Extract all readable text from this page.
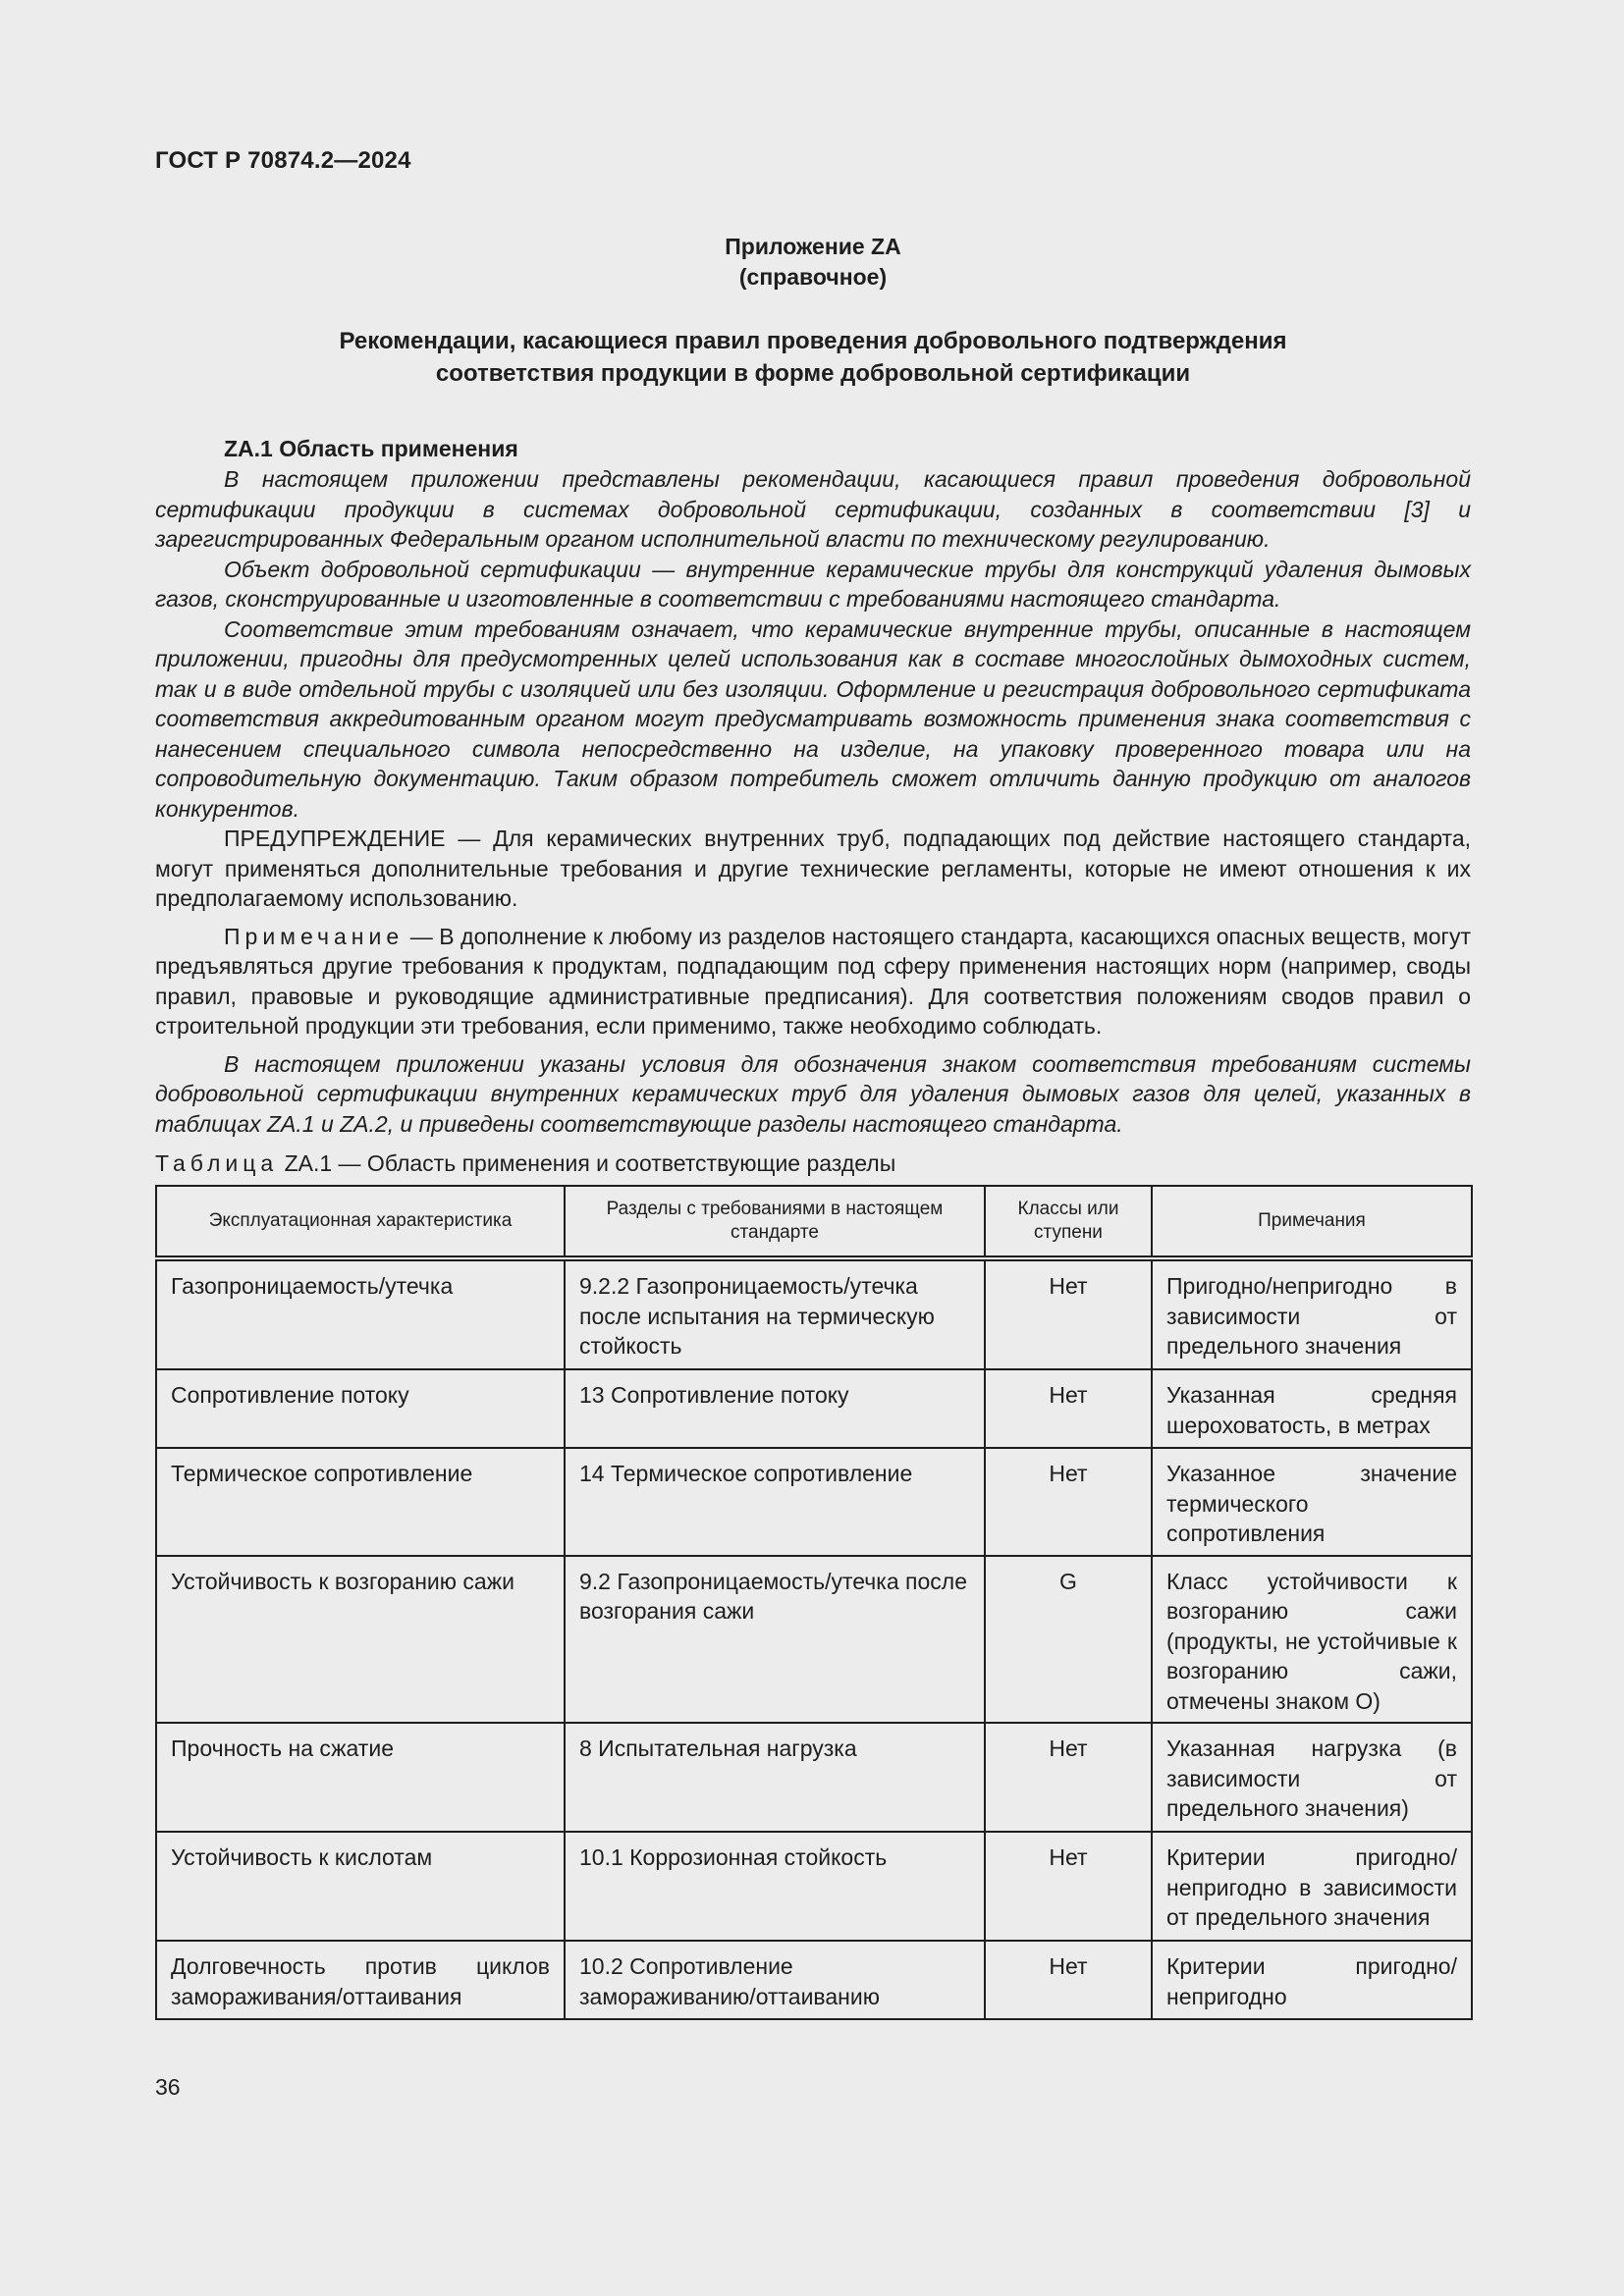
ГОСТ Р 70874.2—2024
Приложение ZA
(справочное)
Рекомендации, касающиеся правил проведения добровольного подтверждения
соответствия продукции в форме добровольной сертификации
ZA.1 Область применения

В настоящем приложении представлены рекомендации, касающиеся правил проведения добровольной сертификации продукции в системах добровольной сертификации, созданных в соответствии [3] и зарегистрированных Федеральным органом исполнительной власти по техническому регулированию.

Объект добровольной сертификации — внутренние керамические трубы для конструкций удаления дымовых газов, сконструированные и изготовленные в соответствии с требованиями настоящего стандарта.

Соответствие этим требованиям означает, что керамические внутренние трубы, описанные в настоящем приложении, пригодны для предусмотренных целей использования как в составе многослойных дымоходных систем, так и в виде отдельной трубы с изоляцией или без изоляции. Оформление и регистрация добровольного сертификата соответствия аккредитованным органом могут предусматривать возможность применения знака соответствия с нанесением специального символа непосредственно на изделие, на упаковку проверенного товара или на сопроводительную документацию. Таким образом потребитель сможет отличить данную продукцию от аналогов конкурентов.

ПРЕДУПРЕЖДЕНИЕ — Для керамических внутренних труб, подпадающих под действие настоящего стандарта, могут применяться дополнительные требования и другие технические регламенты, которые не имеют отношения к их предполагаемому использованию.

Примечание — В дополнение к любому из разделов настоящего стандарта, касающихся опасных веществ, могут предъявляться другие требования к продуктам, подпадающим под сферу применения настоящих норм (например, своды правил, правовые и руководящие административные предписания). Для соответствия положениям сводов правил о строительной продукции эти требования, если применимо, также необходимо соблюдать.

В настоящем приложении указаны условия для обозначения знаком соответствия требованиям системы добровольной сертификации внутренних керамических труб для удаления дымовых газов для целей, указанных в таблицах ZA.1 и ZA.2, и приведены соответствующие разделы настоящего стандарта.

Таблица ZA.1 — Область применения и соответствующие разделы
Эксплуатационная характеристика	Разделы с требованиями в настоящем стандарте	Классы или ступени	Примечания
Газопроницаемость/утечка	9.2.2 Газопроницаемость/утечка после испытания на термическую стойкость	Нет	Пригодно/непригодно в зависимости от предельного значения
Сопротивление потоку	13 Сопротивление потоку	Нет	Указанная средняя шероховатость, в метрах
Термическое сопротивление	14 Термическое сопротивление	Нет	Указанное значение термического сопротивления
Устойчивость к возгоранию сажи	9.2 Газопроницаемость/утечка после возгорания сажи	G	Класс устойчивости к возгоранию сажи (продукты, не устойчивые к возгоранию сажи, отмечены знаком O)
Прочность на сжатие	8 Испытательная нагрузка	Нет	Указанная нагрузка (в зависимости от предельного значения)
Устойчивость к кислотам	10.1 Коррозионная стойкость	Нет	Критерии пригодно/непригодно в зависимости от предельного значения
Долговечность против циклов замораживания/оттаивания	10.2 Сопротивление замораживанию/оттаиванию	Нет	Критерии пригодно/непригодно
36
